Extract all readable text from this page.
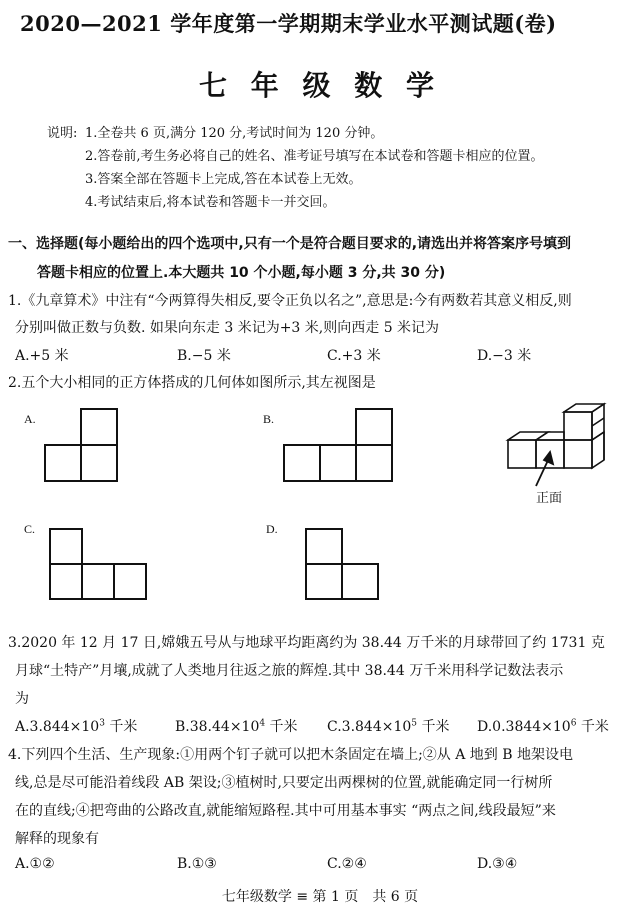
2020—2021 学年度第一学期期末学业水平测试题(卷)
七 年 级 数 学
说明: 1.全卷共 6 页,满分 120 分,考试时间为 120 分钟。
2.答卷前,考生务必将自己的姓名、准考证号填写在本试卷和答题卡相应的位置。
3.答案全部在答题卡上完成,答在本试卷上无效。
4.考试结束后,将本试卷和答题卡一并交回。
一、选择题(每小题给出的四个选项中,只有一个是符合题目要求的,请选出并将答案序号填到
答题卡相应的位置上.本大题共 10 个小题,每小题 3 分,共 30 分)
1.《九章算术》中注有“今两算得失相反,要令正负以名之”,意思是:今有两数若其意义相反,则
分别叫做正数与负数. 如果向东走 3 米记为+3 米,则向西走 5 米记为
A.+5 米	B.−5 米	C.+3 米	D.−3 米
2.五个大小相同的正方体搭成的几何体如图所示,其左视图是
A.	B.
正面
C.	D.
3.2020 年 12 月 17 日,嫦娥五号从与地球平均距离约为 38.44 万千米的月球带回了约 1731 克
月球“土特产”月壤,成就了人类地月往返之旅的辉煌.其中 38.44 万千米用科学记数法表示
为
$A.3.844\times 10^3$ 千米	$B.38.44\times 10^4$ 千米 $C.3.844\times 10^5$ 千米 $D.0.3844\times 10^6$ 千米
4.下列四个生活、生产现象:①用两个钉子就可以把木条固定在墙上;②从 A 地到 B 地架设电
线,总是尽可能沿着线段 AB 架设;③植树时,只要定出两棵树的位置,就能确定同一行树所
在的直线;④把弯曲的公路改直,就能缩短路程.其中可用基本事实 “两点之间,线段最短”来
解释的现象有
A.①②	B.①③	C.②④	D.③④
七年级数学 ≡ 第 1 页　共 6 页
